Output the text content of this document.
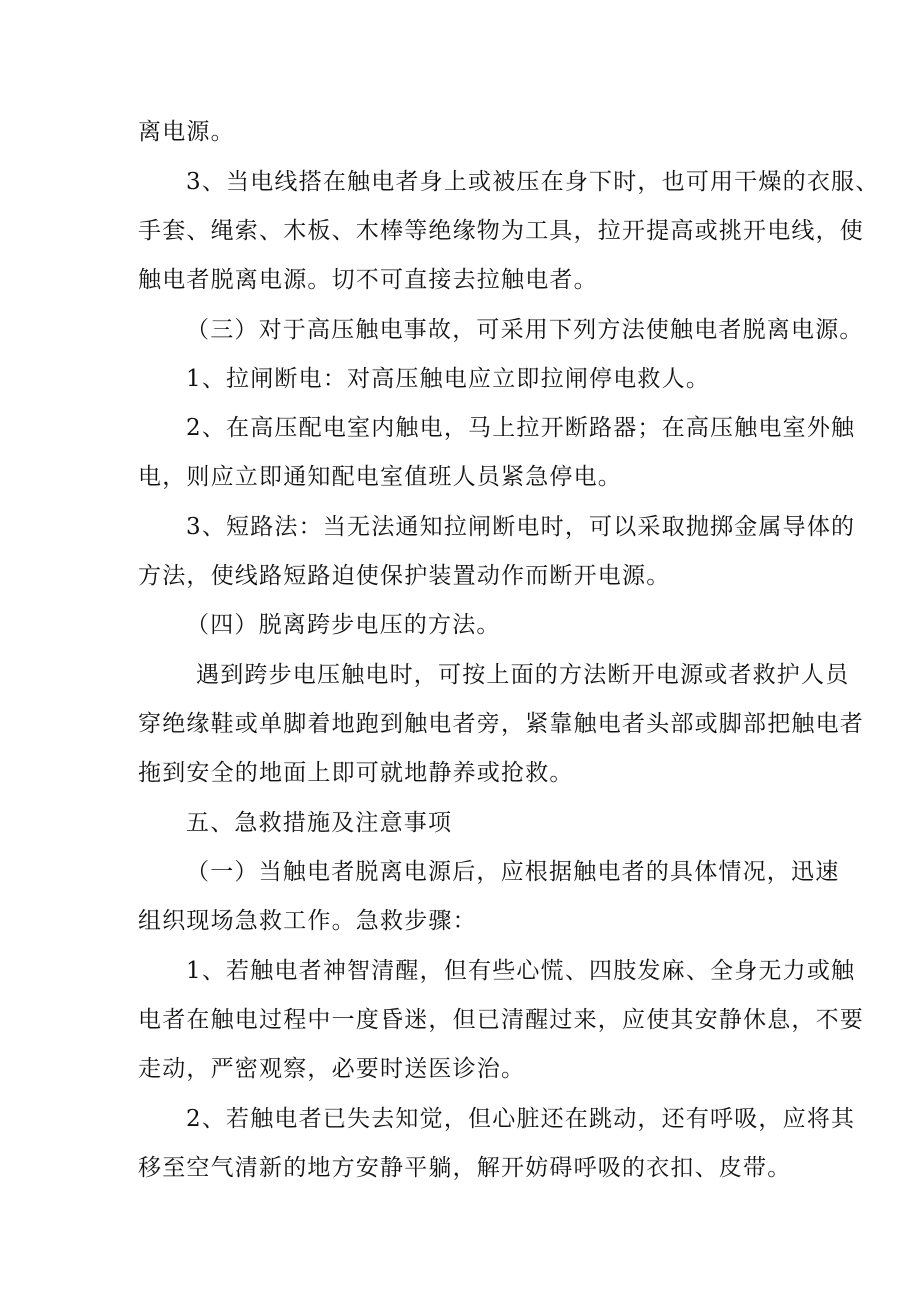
离电源。
3、当电线搭在触电者身上或被压在身下时，也可用干燥的衣服、
手套、绳索、木板、木棒等绝缘物为工具，拉开提高或挑开电线，使
触电者脱离电源。切不可直接去拉触电者。
（三）对于高压触电事故，可采用下列方法使触电者脱离电源。
1、拉闸断电：对高压触电应立即拉闸停电救人。
2、在高压配电室内触电，马上拉开断路器；在高压触电室外触
电，则应立即通知配电室值班人员紧急停电。
3、短路法：当无法通知拉闸断电时，可以采取抛掷金属导体的
方法，使线路短路迫使保护装置动作而断开电源。
（四）脱离跨步电压的方法。
遇到跨步电压触电时，可按上面的方法断开电源或者救护人员
穿绝缘鞋或单脚着地跑到触电者旁，紧靠触电者头部或脚部把触电者
拖到安全的地面上即可就地静养或抢救。
五、急救措施及注意事项
（一）当触电者脱离电源后，应根据触电者的具体情况，迅速
组织现场急救工作。急救步骤：
1、若触电者神智清醒，但有些心慌、四肢发麻、全身无力或触
电者在触电过程中一度昏迷，但已清醒过来，应使其安静休息，不要
走动，严密观察，必要时送医诊治。
2、若触电者已失去知觉，但心脏还在跳动，还有呼吸，应将其
移至空气清新的地方安静平躺，解开妨碍呼吸的衣扣、皮带。
